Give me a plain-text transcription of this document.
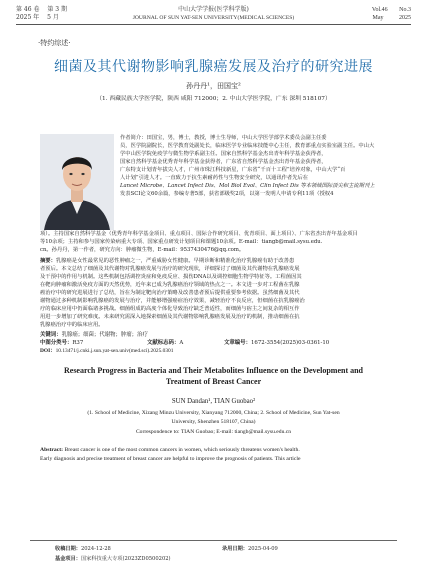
第 46 卷 第 3 期
2025 年 5 月
中山大学学报(医学科学版)
JOURNAL OF SUN YAT-SEN UNIVERSITY(MEDICAL SCIENCES)
Vol.46 No.3
May	2025
·特约综述·
细菌及其代谢物影响乳腺癌发展及治疗的研究进展
孙丹丹¹，田国宝²
（1. 西藏民族大学医学院，陕西 咸阳 712000；2. 中山大学医学院，广东 深圳 518107）
作者简介：田国宝，男，博士，教授，博士生导师，中山大学医学部学术委员会副主任委
员，医学院副院长，医学教育处副处长，临床医学专业临床技能中心主任，教育部重点实验室副主任。中山大
学中山医学院免疫学与微生物学系副主任。国家自然科学基金杰出青年科学基金获得者，
国家自然科学基金优秀青年科学基金获得者，广东省自然科学基金杰出青年基金获得者，
广东特支计划青年拔尖人才，广州市珠江科技新星，广东省“千百十工程”培养对象，中山大学“百
人计划”引进人才。一直致力于抗生素耐药性与生物安全研究，以通讯作者先后在
Lancet Microbe、Lancet Infect Dis、Mol Biol Evol、Clin Infect Dis 等本领域国际顶尖和主流期刊上
发表SCI论文60余篇，参编专著5部，获省部级奖2项，以第一发明人申请专利11项（授权4
项）。主持国家自然科学基金（优秀青年科学基金项目、重点项目、国际合作研究项目、优青项目、面上项目）、广东省杰出青年基金项目
等10余项；主持和参与国家传染病重大专项、国家重点研发计划项目和课题10余项。E-mail：tiangb@mail.sysu.edu.
cn。孙丹丹，第一作者，研究方向：肿瘤微生物，E-mail：9537430476@qq.com。
摘要：乳腺癌是女性最常见的恶性肿瘤之一，严重威胁女性健康。早期诊断和精准化治疗乳腺癌有助于改善患
者预后。本文总结了细菌及其代谢物对乳腺癌发展与治疗的研究现状，详细探讨了细菌及其代谢物在乳腺癌发展
及干预中的作用与机制。这些机制包括调控炎症和免疫反应、损伤DNA以及调控细胞生物学特征等。工程菌因其
在靶向肿瘤和激活免疫方面的天然优势，近年来已成为乳腺癌治疗领域的热点之一。本文进一步对工程菌在乳腺
癌治疗中的研究进展进行了总结，旨在为制定靶向治疗策略及改善患者预后提供重要参考依据。虽然细菌及其代
谢物通过多种机制影响乳腺癌的发展与治疗，并能够增强癌症治疗效果，减轻治疗不良反应，但细菌在抗乳腺癌治
疗的临床应用中仍面临诸多挑战。细菌组成的高度个体化导致治疗缺乏普适性，而细菌与宿主之间复杂的相互作
用进一步增加了研究难度。未来研究需深入地探索细菌及其代谢物影响乳腺癌发展及治疗的机制，推动细菌在抗
乳腺癌治疗中的临床应用。
关键词：乳腺癌；细菌；代谢物；肿瘤；治疗
中图分类号：R37	文献标志码：A	文章编号：1672-3554(2025)03-0361-10
DOI：10.13471/j.cnki.j.sun.yat-sen.univ(med.sci).2025.0301
Research Progress in Bacteria and Their Metabolites Influence on the Development and
Treatment of Breast Cancer
SUN Dandan¹, TIAN Guobao²
(1. School of Medicine, Xizang Minzu University, Xianyang 712000, China; 2. School of Medicine, Sun Yat-sen
University, Shenzhen 518107, China)
Correspondence to: TIAN Guobao; E-mail: tiangb@mail.sysu.edu.cn
Abstract: Breast cancer is one of the most common cancers in women, which seriously threatens women's health.
Early diagnosis and precise treatment of breast cancer are helpful to improve the prognosis of patients. This article
收稿日期：2024-12-28	录用日期：2025-04-09
基金项目：国家科技重大专项(2023ZD0500202)
